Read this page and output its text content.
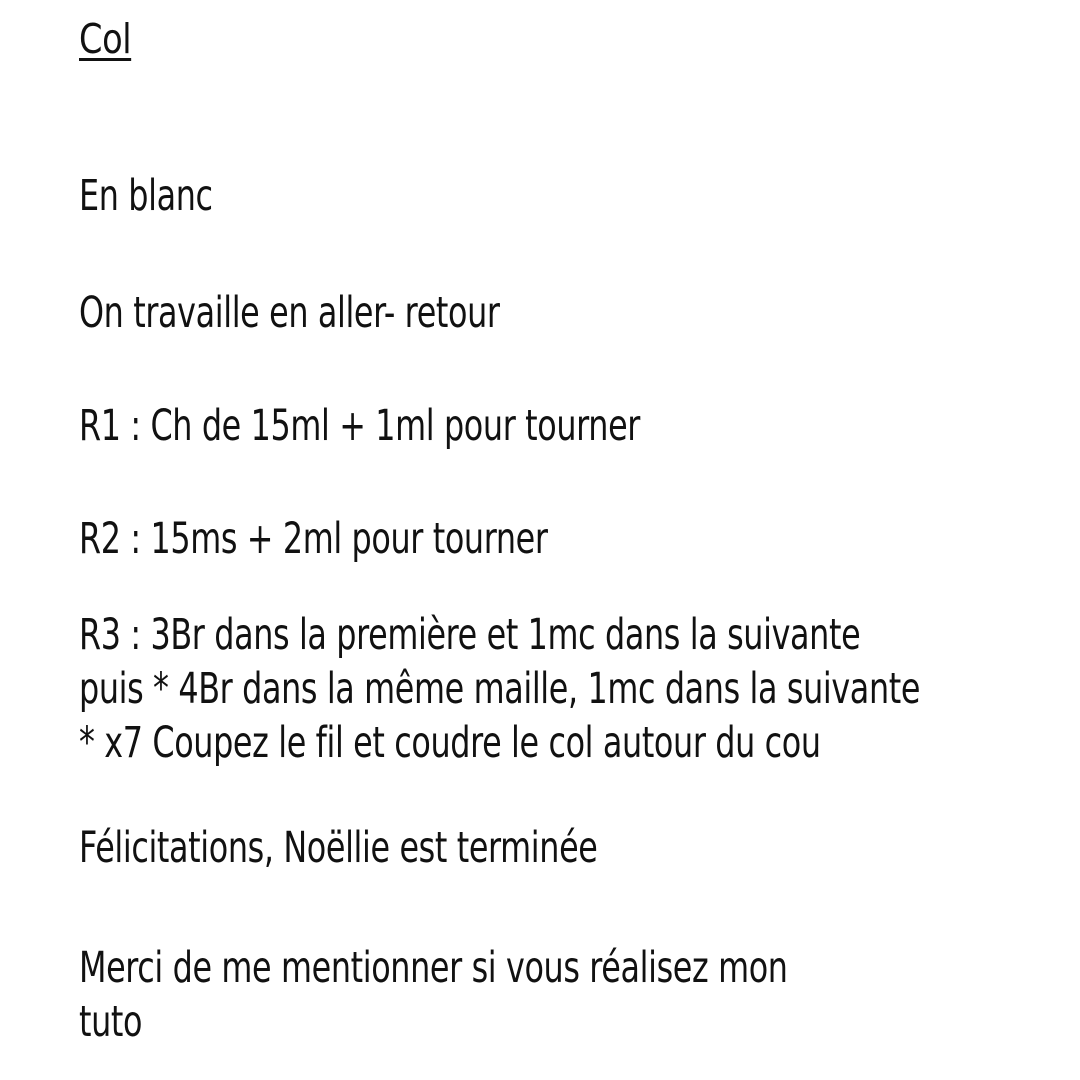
Col

En blanc

On travaille en aller- retour

R1 : Ch de 15ml + 1ml pour tourner

R2 : 15ms + 2ml pour tourner

R3 : 3Br dans la première et 1mc dans la suivante
puis * 4Br dans la même maille, 1mc dans la suivante
* x7 Coupez le fil et coudre le col autour du cou

Félicitations, Noëllie est terminée

Merci de me mentionner si vous réalisez mon
tuto
